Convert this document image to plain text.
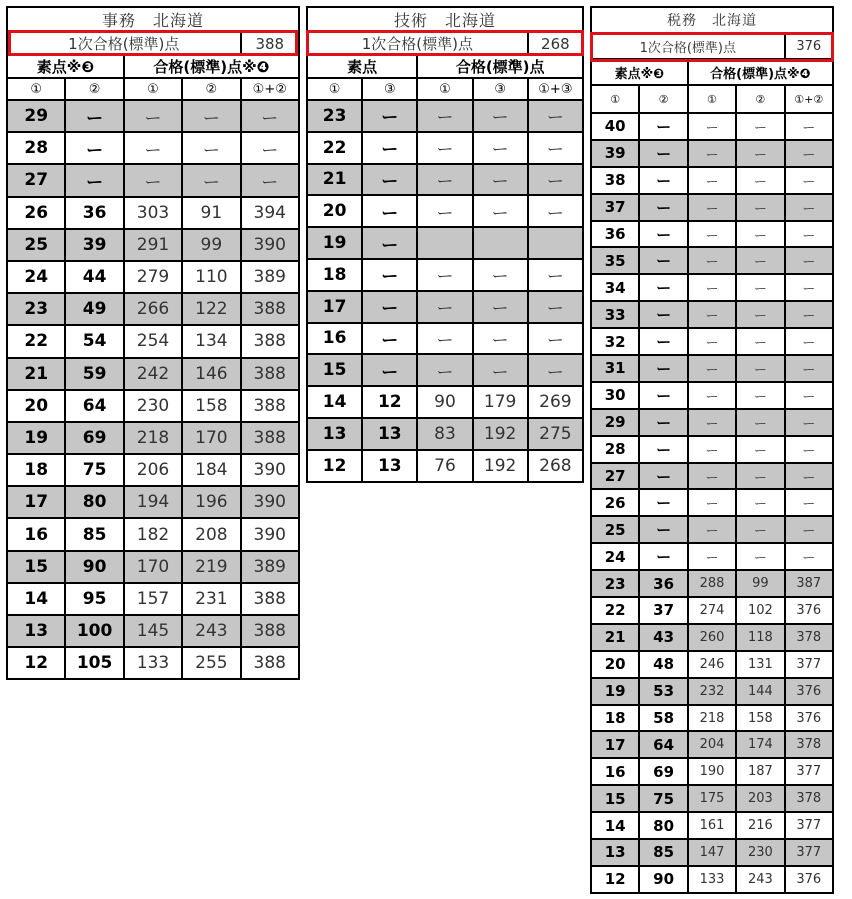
事務　北海道				
1次合格(標準)点				388
素点※❸		合格(標準)点※❹		
①	②	①	②	①+②
29	ー	ー	ー	ー
28	ー	ー	ー	ー
27	ー	ー	ー	ー
26	36	303	91	394
25	39	291	99	390
24	44	279	110	389
23	49	266	122	388
22	54	254	134	388
21	59	242	146	388
20	64	230	158	388
19	69	218	170	388
18	75	206	184	390
17	80	194	196	390
16	85	182	208	390
15	90	170	219	389
14	95	157	231	388
13	100	145	243	388
12	105	133	255	388
技術　北海道				
1次合格(標準)点				268
素点		合格(標準)点		
①	③	①	③	①+③
23	ー	ー	ー	ー
22	ー	ー	ー	ー
21	ー	ー	ー	ー
20	ー	ー	ー	ー
19	ー			
18	ー	ー	ー	ー
17	ー	ー	ー	ー
16	ー	ー	ー	ー
15	ー	ー	ー	ー
14	12	90	179	269
13	13	83	192	275
12	13	76	192	268
税務　北海道				
1次合格(標準)点				376
素点※❸		合格(標準)点※❹		
①	②	①	②	①+②
40	ー	ー	ー	ー
39	ー	ー	ー	ー
38	ー	ー	ー	ー
37	ー	ー	ー	ー
36	ー	ー	ー	ー
35	ー	ー	ー	ー
34	ー	ー	ー	ー
33	ー	ー	ー	ー
32	ー	ー	ー	ー
31	ー	ー	ー	ー
30	ー	ー	ー	ー
29	ー	ー	ー	ー
28	ー	ー	ー	ー
27	ー	ー	ー	ー
26	ー	ー	ー	ー
25	ー	ー	ー	ー
24	ー	ー	ー	ー
23	36	288	99	387
22	37	274	102	376
21	43	260	118	378
20	48	246	131	377
19	53	232	144	376
18	58	218	158	376
17	64	204	174	378
16	69	190	187	377
15	75	175	203	378
14	80	161	216	377
13	85	147	230	377
12	90	133	243	376
